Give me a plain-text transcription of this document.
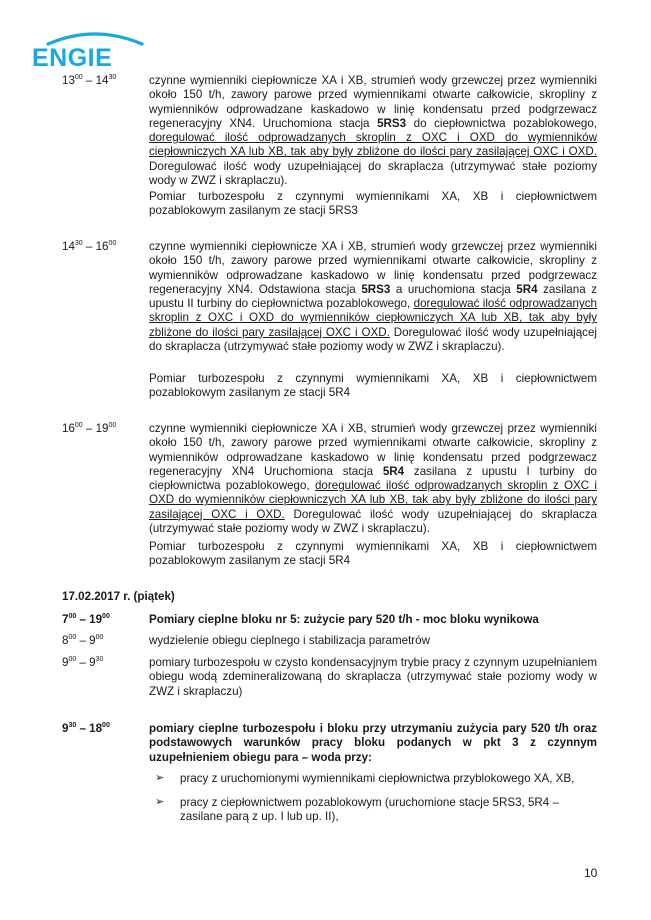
ENGIE
$13^{00} - 14^{30}$	czynne wymienniki ciepłownicze XA i XB, strumień wody grzewczej przez wymienniki około 150 t/h, zawory parowe przed wymiennikami otwarte całkowicie, skropliny z wymienników odprowadzane kaskadowo w linię kondensatu przed podgrzewacz regeneracyjny XN4. Uruchomiona stacja 5RS3 do ciepłownictwa pozablokowego, doregulować ilość odprowadzanych skroplin z OXC i OXD do wymienników ciepłowniczych XA lub XB, tak aby były zbliżone do ilości pary zasilającej OXC i OXD. Doregulować ilość wody uzupełniającej do skraplacza (utrzymywać stałe poziomy wody w ZWZ i skraplaczu).
Pomiar turbozespołu z czynnymi wymiennikami XA, XB i ciepłownictwem pozablokowym zasilanym ze stacji 5RS3
$14^{30} - 16^{00}$	czynne wymienniki ciepłownicze XA i XB, strumień wody grzewczej przez wymienniki około 150 t/h, zawory parowe przed wymiennikami otwarte całkowicie, skropliny z wymienników odprowadzane kaskadowo w linię kondensatu przed podgrzewacz regeneracyjny XN4. Odstawiona stacja 5RS3 a uruchomiona stacja 5R4 zasilana z upustu II turbiny do ciepłownictwa pozablokowego, doregulować ilość odprowadzanych skroplin z OXC i OXD do wymienników ciepłowniczych XA lub XB, tak aby były zbliżone do ilości pary zasilającej OXC i OXD. Doregulować ilość wody uzupełniającej do skraplacza (utrzymywać stałe poziomy wody w ZWZ i skraplaczu).
Pomiar turbozespołu z czynnymi wymiennikami XA, XB i ciepłownictwem pozablokowym zasilanym ze stacji 5R4
$16^{00} - 19^{00}$	czynne wymienniki ciepłownicze XA i XB, strumień wody grzewczej przez wymienniki około 150 t/h, zawory parowe przed wymiennikami otwarte całkowicie, skropliny z wymienników odprowadzane kaskadowo w linię kondensatu przed podgrzewacz regeneracyjny XN4 Uruchomiona stacja 5R4 zasilana z upustu I turbiny do ciepłownictwa pozablokowego, doregulować ilość odprowadzanych skroplin z OXC i OXD do wymienników ciepłowniczych XA lub XB, tak aby były zbliżone do ilości pary zasilającej OXC i OXD. Doregulować ilość wody uzupełniającej do skraplacza (utrzymywać stałe poziomy wody w ZWZ i skraplaczu).
Pomiar turbozespołu z czynnymi wymiennikami XA, XB i ciepłownictwem pozablokowym zasilanym ze stacji 5R4
17.02.2017 r. (piątek)
$7^{00} - 19^{00}$	Pomiary cieplne bloku nr 5: zużycie pary 520 t/h - moc bloku wynikowa
$8^{00} - 9^{00}$	wydzielenie obiegu cieplnego i stabilizacja parametrów
$9^{00} - 9^{30}$	pomiary turbozespołu w czysto kondensacyjnym trybie pracy z czynnym uzupełnianiem obiegu wodą zdemineralizowaną do skraplacza (utrzymywać stałe poziomy wody w ZWZ i skraplaczu)
$9^{30} - 18^{00}$	pomiary cieplne turbozespołu i bloku przy utrzymaniu zużycia pary 520 t/h oraz podstawowych warunków pracy bloku podanych w pkt 3 z czynnym uzupełnieniem obiegu para – woda przy:
➢ pracy z uruchomionymi wymiennikami ciepłownictwa przyblokowego XA, XB,
➢ pracy z ciepłownictwem pozablokowym (uruchomione stacje 5RS3, 5R4 – zasilane parą z up. I lub up. II),
10
